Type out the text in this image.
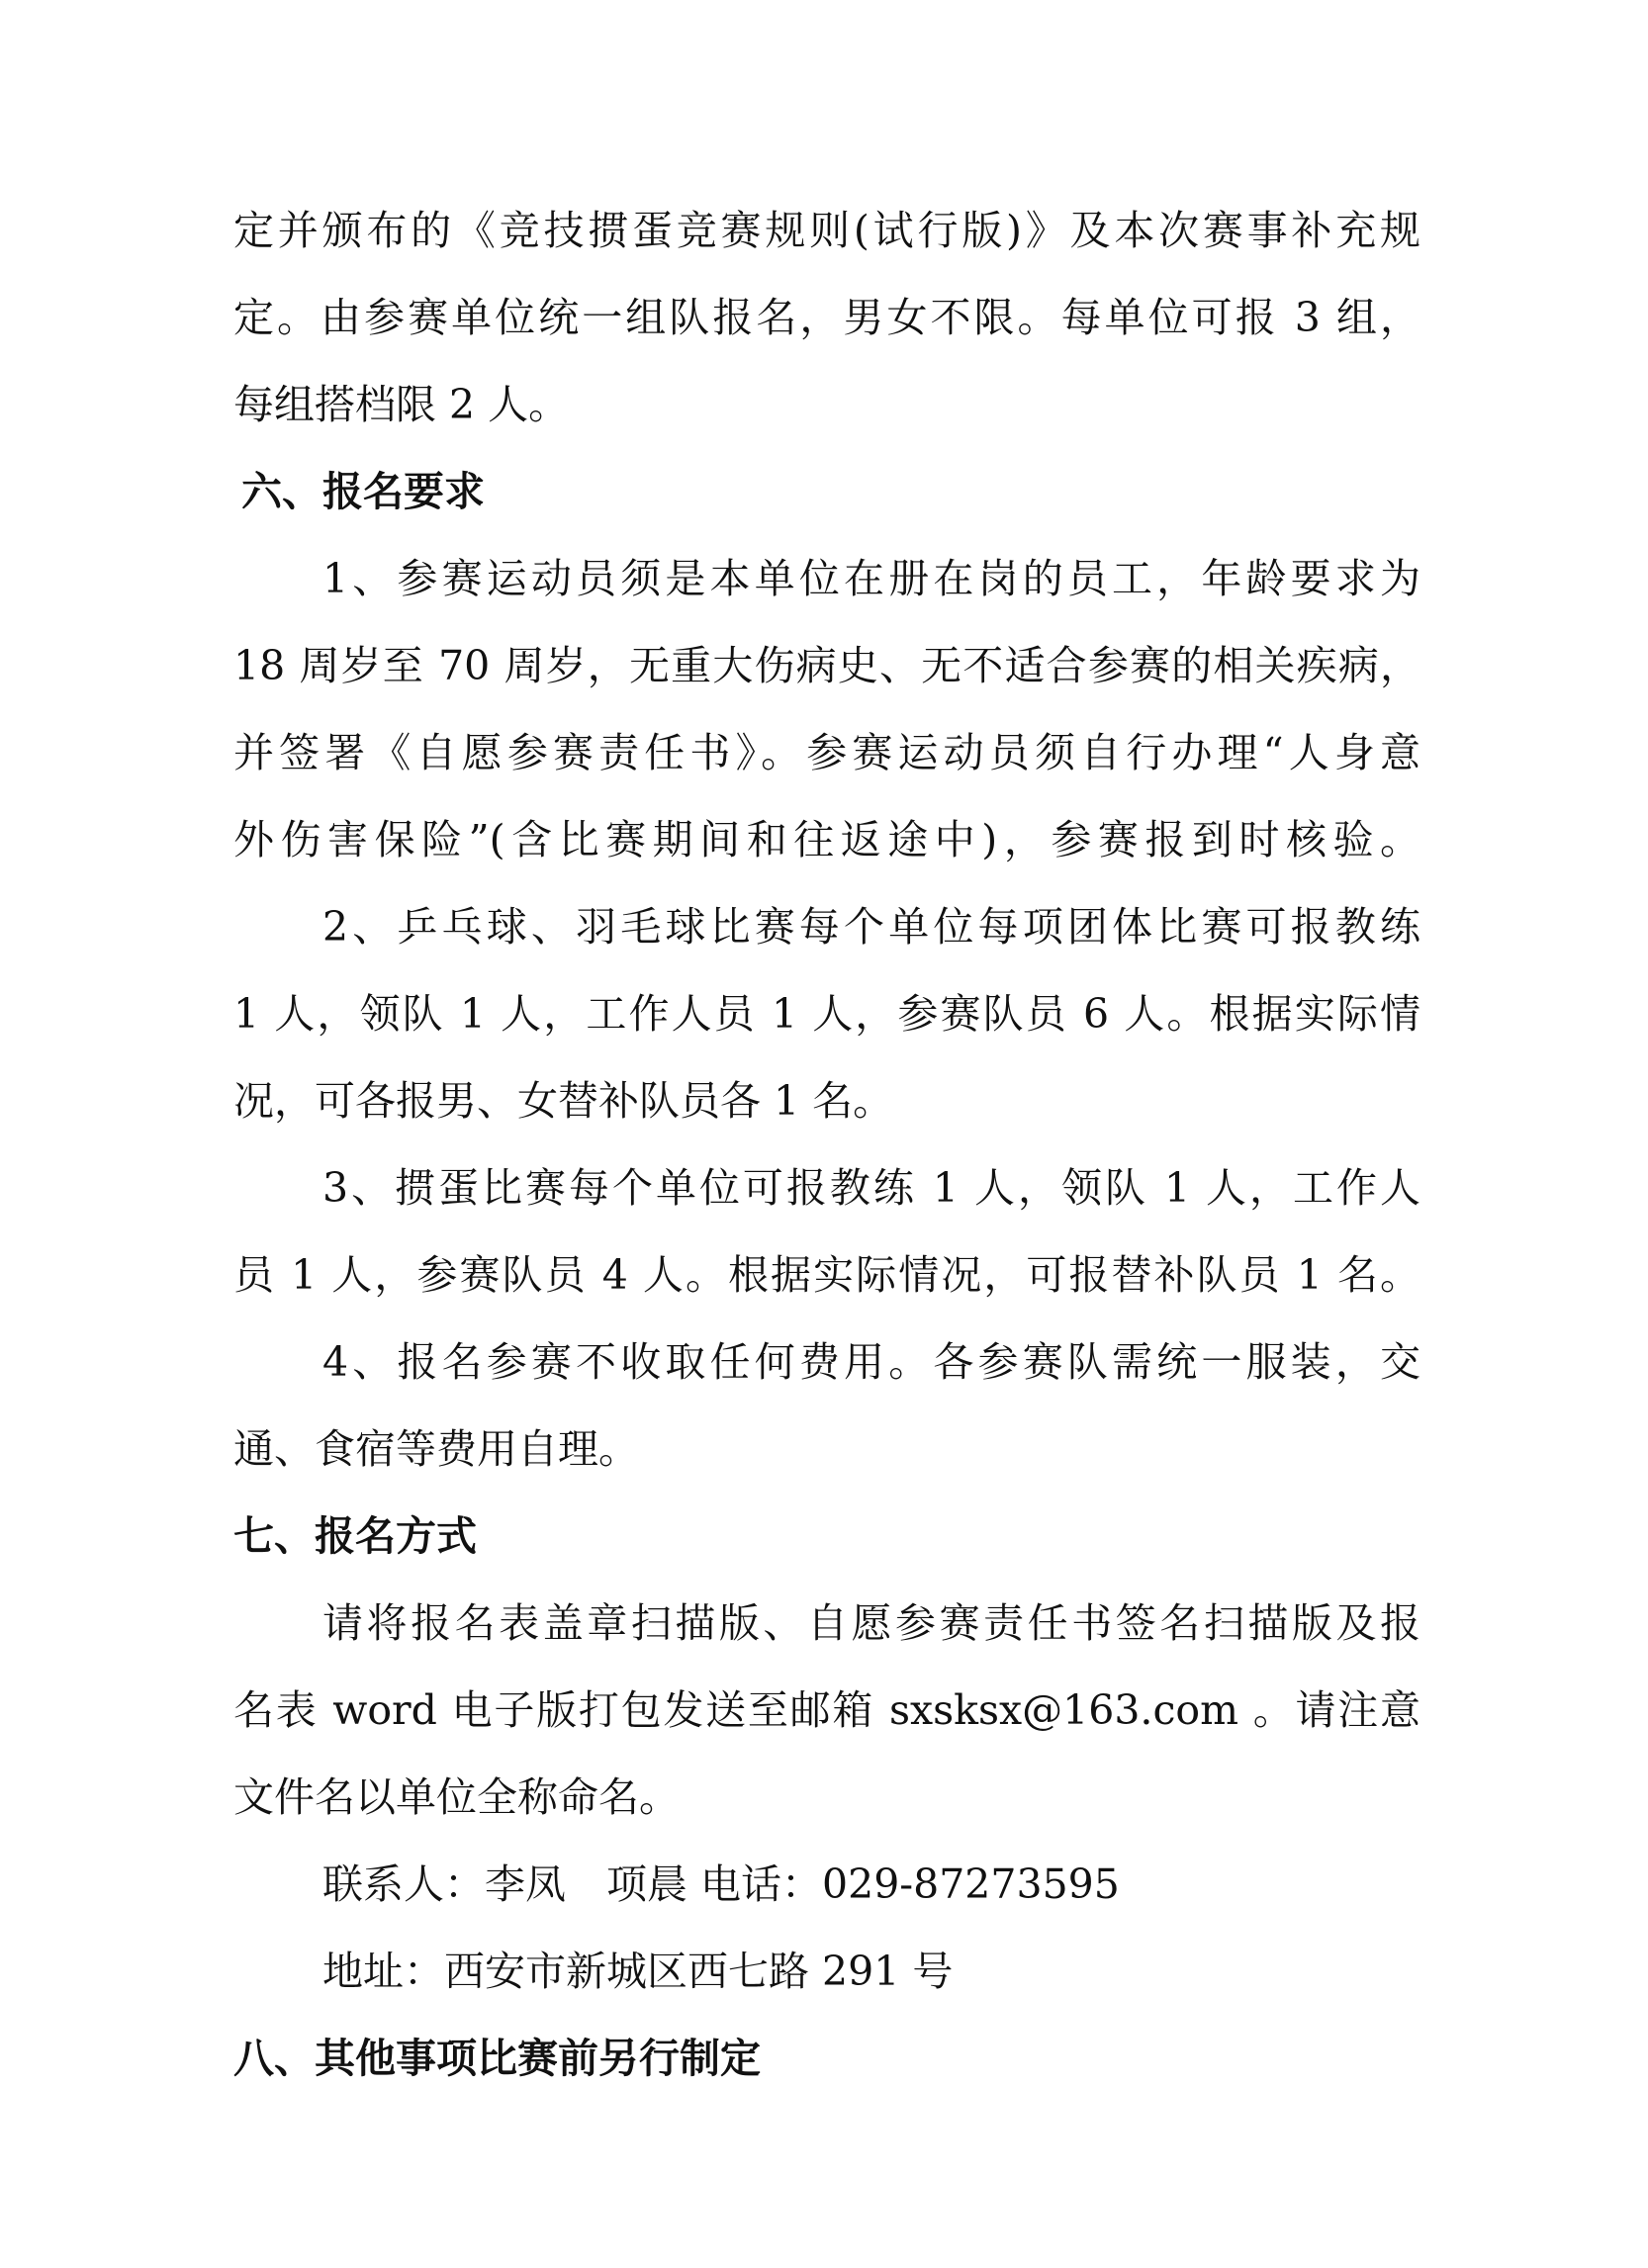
定并颁布的《竞技掼蛋竞赛规则(试行版)》及本次赛事补充规
定。由参赛单位统一组队报名，男女不限。每单位可报 3 组，
每组搭档限 2 人。
六、报名要求
1、参赛运动员须是本单位在册在岗的员工，年龄要求为
18 周岁至 70 周岁，无重大伤病史、无不适合参赛的相关疾病，
并签署《自愿参赛责任书》。参赛运动员须自行办理“人身意
外伤害保险”(含比赛期间和往返途中)，参赛报到时核验。
2、乒乓球、羽毛球比赛每个单位每项团体比赛可报教练
1 人，领队 1 人，工作人员 1 人，参赛队员 6 人。根据实际情
况，可各报男、女替补队员各 1 名。
3、掼蛋比赛每个单位可报教练 1 人，领队 1 人，工作人
员 1 人，参赛队员 4 人。根据实际情况，可报替补队员 1 名。
4、报名参赛不收取任何费用。各参赛队需统一服装，交
通、食宿等费用自理。
七、报名方式
请将报名表盖章扫描版、自愿参赛责任书签名扫描版及报
名表 word 电子版打包发送至邮箱 sxsksx@163.com 。请注意
文件名以单位全称命名。
联系人：李凤　项晨 电话：029-87273595
地址：西安市新城区西七路 291 号
八、其他事项比赛前另行制定
